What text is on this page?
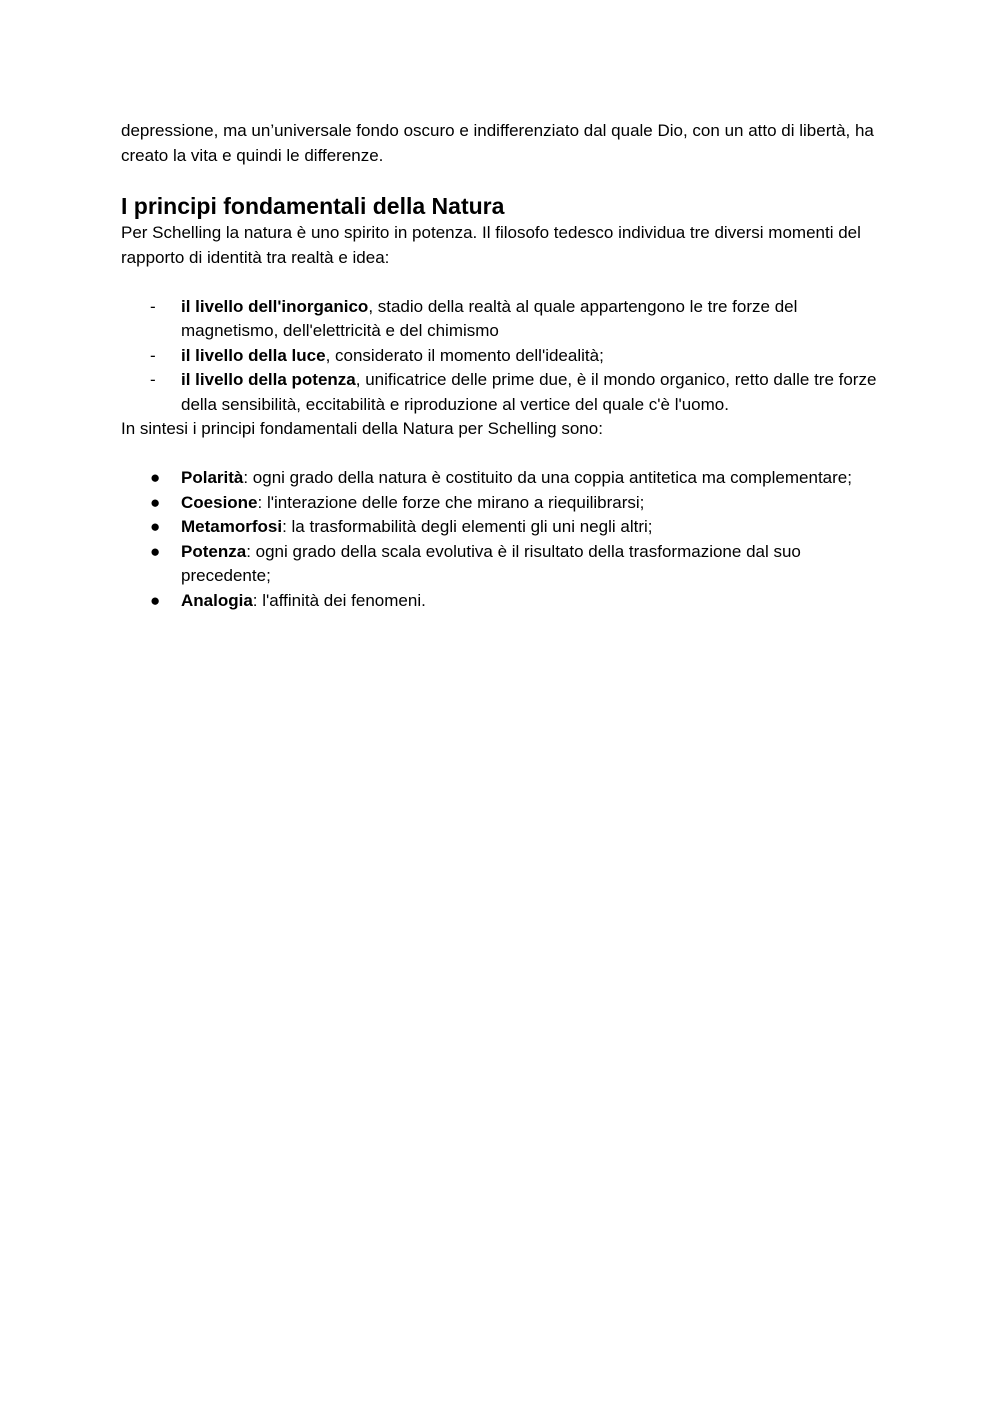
depressione, ma un’universale fondo oscuro e indifferenziato dal quale Dio, con un atto di libertà, ha creato la vita e quindi le differenze.

I principi fondamentali della Natura

Per Schelling la natura è uno spirito in potenza. Il filosofo tedesco individua tre diversi momenti del rapporto di identità tra realtà e idea:

- il livello dell'inorganico, stadio della realtà al quale appartengono le tre forze del magnetismo, dell'elettricità e del chimismo
- il livello della luce, considerato il momento dell'idealità;
- il livello della potenza, unificatrice delle prime due, è il mondo organico, retto dalle tre forze della sensibilità, eccitabilità e riproduzione al vertice del quale c'è l'uomo.

In sintesi i principi fondamentali della Natura per Schelling sono:

● Polarità: ogni grado della natura è costituito da una coppia antitetica ma complementare;
● Coesione: l'interazione delle forze che mirano a riequilibrarsi;
● Metamorfosi: la trasformabilità degli elementi gli uni negli altri;
● Potenza: ogni grado della scala evolutiva è il risultato della trasformazione dal suo precedente;
● Analogia: l'affinità dei fenomeni.
